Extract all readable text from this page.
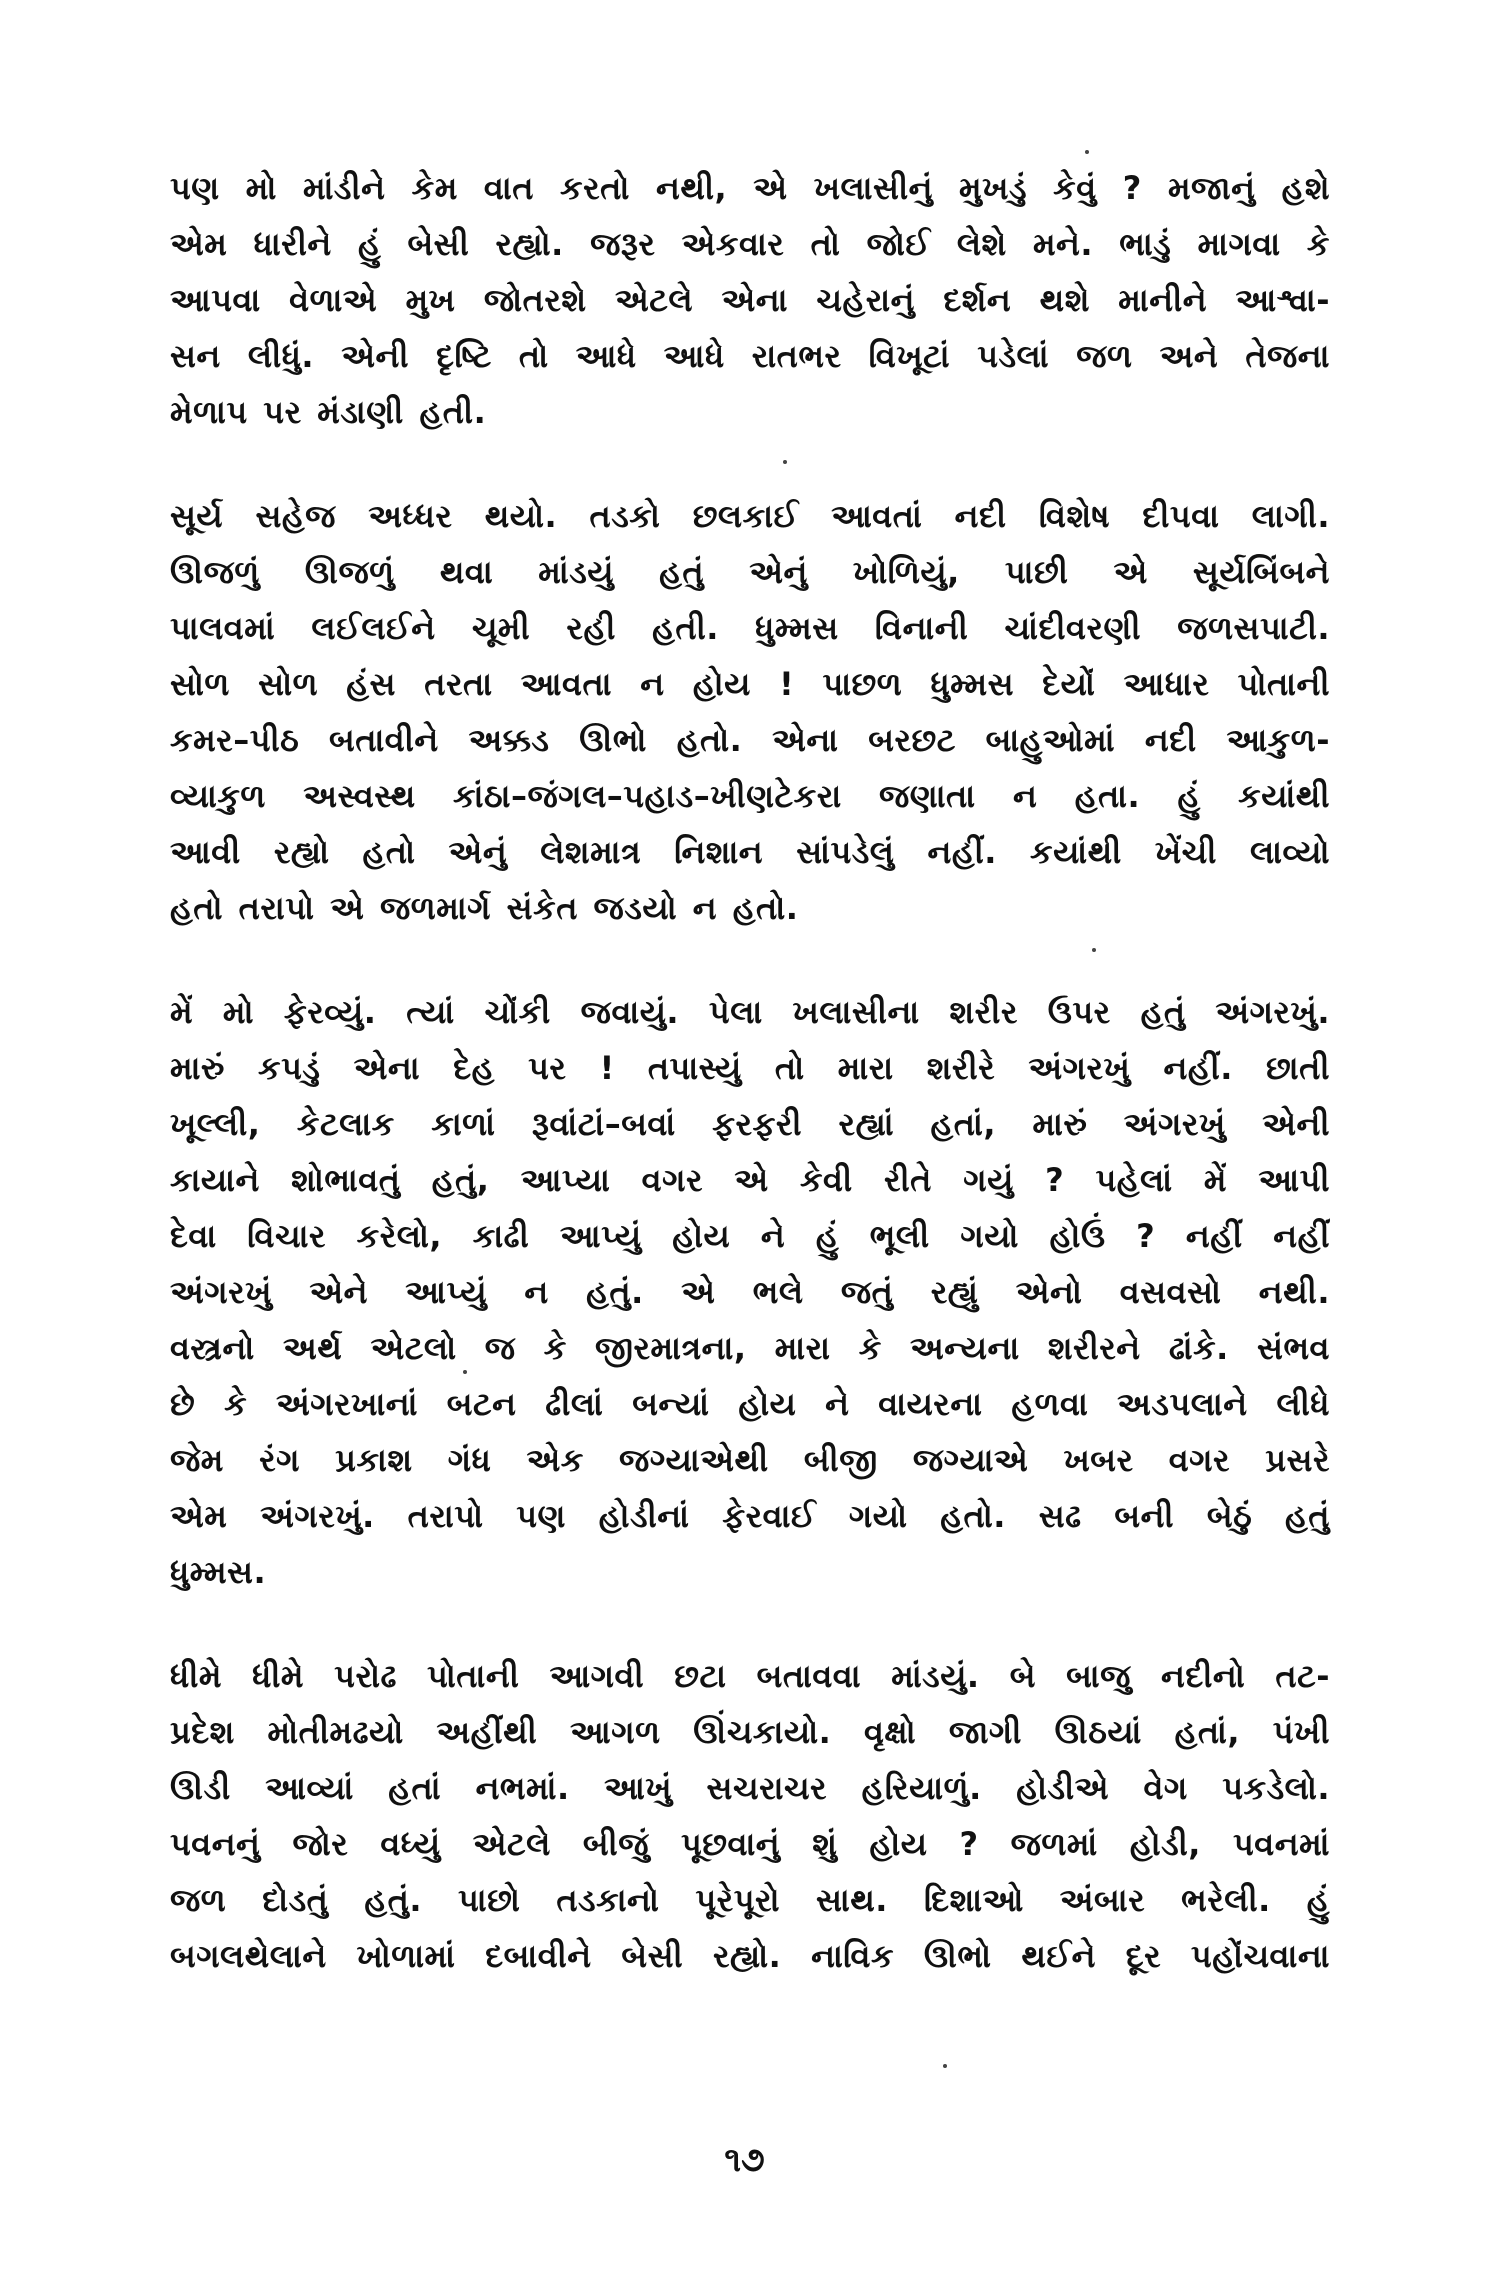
પણ મો માંડીને કેમ વાત કરતો નથી, એ ખલાસીનું મુખડું કેવું ? મજાનું હશે
એમ ધારીને હું બેસી રહ્યો. જરૂર એકવાર તો જોઈ લેશે મને. ભાડું માગવા કે
આપવા વેળાએ મુખ જોતરશે એટલે એના ચહેરાનું દર્શન થશે માનીને આશ્વા-
સન લીધું. એની દૃષ્ટિ તો આધે આધે રાતભર વિખૂટાં પડેલાં જળ અને તેજના
મેળાપ પર મંડાણી હતી.

સૂર્ય સહેજ અધ્ધર થયો. તડકો છલકાઈ આવતાં નદી વિશેષ દીપવા લાગી.
ઊજળું ઊજળું થવા માંડયું હતું એનું ખોળિયું, પાછી એ સૂર્યબિંબને
પાલવમાં લઈલઈને ચૂમી રહી હતી. ધુમ્મસ વિનાની ચાંદીવરણી જળસપાટી.
સોળ સોળ હંસ તરતા આવતા ન હોય ! પાછળ ધુમ્મસ દેયોં આધાર પોતાની
કમર–પીઠ બતાવીને અક્કડ ઊભો હતો. એના બરછટ બાહુઓમાં નદી આકુળ-
વ્યાકુળ અસ્વસ્થ કાંઠા–જંગલ–પહાડ–ખીણટેકરા જણાતા ન હતા. હું કયાંથી
આવી રહ્યો હતો એનું લેશમાત્ર નિશાન સાંપડેલું નહીં. કયાંથી ખેંચી લાવ્યો
હતો તરાપો એ જળમાર્ગ સંકેત જડયો ન હતો.

મેં મો ફેરવ્યું. ત્યાં ચોંકી જવાયું. પેલા ખલાસીના શરીર ઉપર હતું અંગરખું.
મારું કપડું એના દેહ પર ! તપાસ્યું તો મારા શરીરે અંગરખું નહીં. છાતી
ખૂલ્લી, કેટલાક કાળાં રૂવાંટાં–બવાં ફરફરી રહ્યાં હતાં, મારું અંગરખું એની
કાયાને શોભાવતું હતું, આપ્યા વગર એ કેવી રીતે ગયું ? પહેલાં મેં આપી
દેવા વિચાર કરેલો, કાઢી આપ્યું હોય ને હું ભૂલી ગયો હોઉં ? નહીં નહીં
અંગરખું એને આપ્યું ન હતું. એ ભલે જતું રહ્યું એનો વસવસો નથી.
વસ્ત્રનો અર્થ એટલો જ કે જીરમાત્રના, મારા કે અન્યના શરીરને ઢાંકે. સંભવ
છે કે અંગરખાનાં બટન ઢીલાં બન્યાં હોય ને વાયરના હળવા અડપલાને લીધે
જેમ રંગ પ્રકાશ ગંધ એક જગ્યાએથી બીજી જગ્યાએ ખબર વગર પ્રસરે
એમ અંગરખું. તરાપો પણ હોડીનાં ફેરવાઈ ગયો હતો. સઢ બની બેઠું હતું
ધુમ્મસ.

ધીમે ધીમે પરોઢ પોતાની આગવી છટા બતાવવા માંડયું. બે બાજુ નદીનો તટ-
પ્રદેશ મોતીમઢયો અહીંથી આગળ ઊંચકાયો. વૃક્ષો જાગી ઊઠયાં હતાં, પંખી
ઊડી આવ્યાં હતાં નભમાં. આખું સચરાચર હરિયાળું. હોડીએ વેગ પકડેલો.
પવનનું જોર વધ્યું એટલે બીજું પૂછવાનું શું હોય ? જળમાં હોડી, પવનમાં
જળ દોડતું હતું. પાછો તડકાનો પૂરેપૂરો સાથ. દિશાઓ અંબાર ભરેલી. હું
બગલથેલાને ખોળામાં દબાવીને બેસી રહ્યો. નાવિક ઊભો થઈને દૂર પહોંચવાના

૧૭
